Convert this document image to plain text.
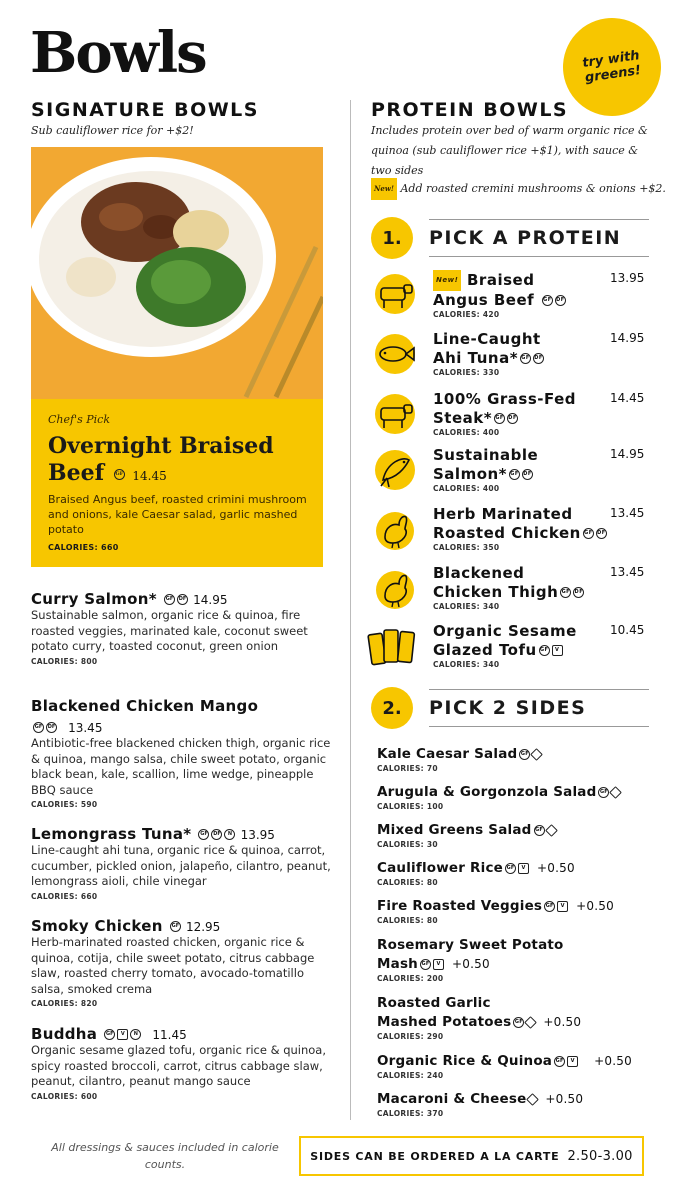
Bowls	try with greens!
SIGNATURE BOWLS
Sub cauliflower rice for +$2!
Chef's Pick
Overnight Braised Beef GF 14.45
Braised Angus beef, roasted crimini mushroom and onions, kale Caesar salad, garlic mashed potato
CALORIES: 660
Curry Salmon* GF DF 14.95
Sustainable salmon, organic rice & quinoa, fire roasted veggies, marinated kale, coconut sweet potato curry, toasted coconut, green onion
CALORIES: 800
Blackened Chicken Mango
GF DF 13.45
Antibiotic-free blackened chicken thigh, organic rice & quinoa, mango salsa, chile sweet potato, organic black bean, kale, scallion, lime wedge, pineapple BBQ sauce
CALORIES: 590
Lemongrass Tuna* GF DF N 13.95
Line-caught ahi tuna, organic rice & quinoa, carrot, cucumber, pickled onion, jalapeño, cilantro, peanut, lemongrass aioli, chile vinegar
CALORIES: 660
Smoky Chicken GF 12.95
Herb-marinated roasted chicken, organic rice & quinoa, cotija, chile sweet potato, citrus cabbage slaw, roasted cherry tomato, avocado-tomatillo salsa, smoked crema
CALORIES: 820
Buddha GF V N 11.45
Organic sesame glazed tofu, organic rice & quinoa, spicy roasted broccoli, carrot, citrus cabbage slaw, peanut, cilantro, peanut mango sauce
CALORIES: 600
All dressings & sauces included in calorie counts.
PROTEIN BOWLS
Includes protein over bed of warm organic rice & quinoa (sub cauliflower rice +$1), with sauce & two sides
New! Add roasted cremini mushrooms & onions +$2.
1.	PICK A PROTEIN
New! Braised
Angus Beef GF DF
13.95
CALORIES: 420
Line-Caught
Ahi Tuna* GF DF
14.95
CALORIES: 330
100% Grass-Fed
Steak* GF DF
14.45
CALORIES: 400
Sustainable
Salmon* GF DF
14.95
CALORIES: 400
Herb Marinated
Roasted Chicken GF DF
13.45
CALORIES: 350
Blackened
Chicken Thigh GF DF
13.45
CALORIES: 340
Organic Sesame
Glazed Tofu GF V
10.45
CALORIES: 340
2.	PICK 2 SIDES
Kale Caesar Salad GF
CALORIES: 70
Arugula & Gorgonzola Salad GF
CALORIES: 100
Mixed Greens Salad GF
CALORIES: 30
Cauliflower Rice GF V +0.50
CALORIES: 80
Fire Roasted Veggies GF V +0.50
CALORIES: 80
Rosemary Sweet Potato
Mash GF V +0.50
CALORIES: 200
Roasted Garlic
Mashed Potatoes GF +0.50
CALORIES: 290
Organic Rice & Quinoa GF V +0.50
CALORIES: 240
Macaroni & Cheese +0.50
CALORIES: 370
SIDES CAN BE ORDERED A LA CARTE 2.50-3.00
